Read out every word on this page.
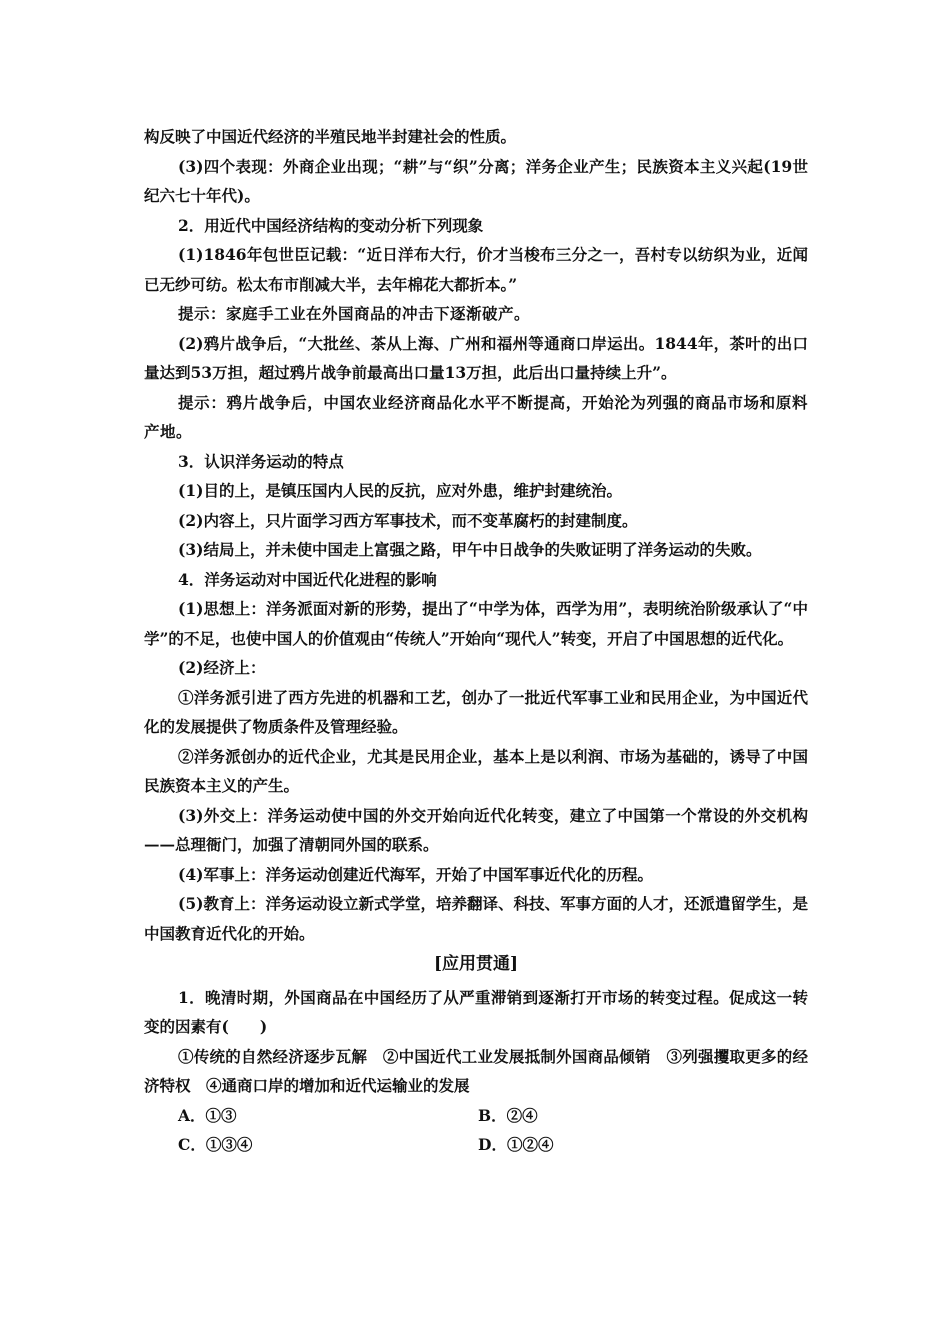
构反映了中国近代经济的半殖民地半封建社会的性质。

(3)四个表现：外商企业出现；“耕”与“织”分离；洋务企业产生；民族资本主义兴起(19世纪六七十年代)。

2．用近代中国经济结构的变动分析下列现象

(1)1846年包世臣记载：“近日洋布大行，价才当梭布三分之一，吾村专以纺织为业，近闻已无纱可纺。松太布市削减大半，去年棉花大都折本。”

提示：家庭手工业在外国商品的冲击下逐渐破产。

(2)鸦片战争后，“大批丝、茶从上海、广州和福州等通商口岸运出。1844年，茶叶的出口量达到53万担，超过鸦片战争前最高出口量13万担，此后出口量持续上升”。

提示：鸦片战争后，中国农业经济商品化水平不断提高，开始沦为列强的商品市场和原料产地。

3．认识洋务运动的特点

(1)目的上，是镇压国内人民的反抗，应对外患，维护封建统治。

(2)内容上，只片面学习西方军事技术，而不变革腐朽的封建制度。

(3)结局上，并未使中国走上富强之路，甲午中日战争的失败证明了洋务运动的失败。

4．洋务运动对中国近代化进程的影响

(1)思想上：洋务派面对新的形势，提出了“中学为体，西学为用”，表明统治阶级承认了“中学”的不足，也使中国人的价值观由“传统人”开始向“现代人”转变，开启了中国思想的近代化。

(2)经济上：

①洋务派引进了西方先进的机器和工艺，创办了一批近代军事工业和民用企业，为中国近代化的发展提供了物质条件及管理经验。

②洋务派创办的近代企业，尤其是民用企业，基本上是以利润、市场为基础的，诱导了中国民族资本主义的产生。

(3)外交上：洋务运动使中国的外交开始向近代化转变，建立了中国第一个常设的外交机构——总理衙门，加强了清朝同外国的联系。

(4)军事上：洋务运动创建近代海军，开始了中国军事近代化的历程。

(5)教育上：洋务运动设立新式学堂，培养翻译、科技、军事方面的人才，还派遣留学生，是中国教育近代化的开始。

[应用贯通]

1．晚清时期，外国商品在中国经历了从严重滞销到逐渐打开市场的转变过程。促成这一转变的因素有(　　)

①传统的自然经济逐步瓦解　②中国近代工业发展抵制外国商品倾销　③列强攫取更多的经济特权　④通商口岸的增加和近代运输业的发展

A．①③	B．②④
C．①③④	D．①②④
